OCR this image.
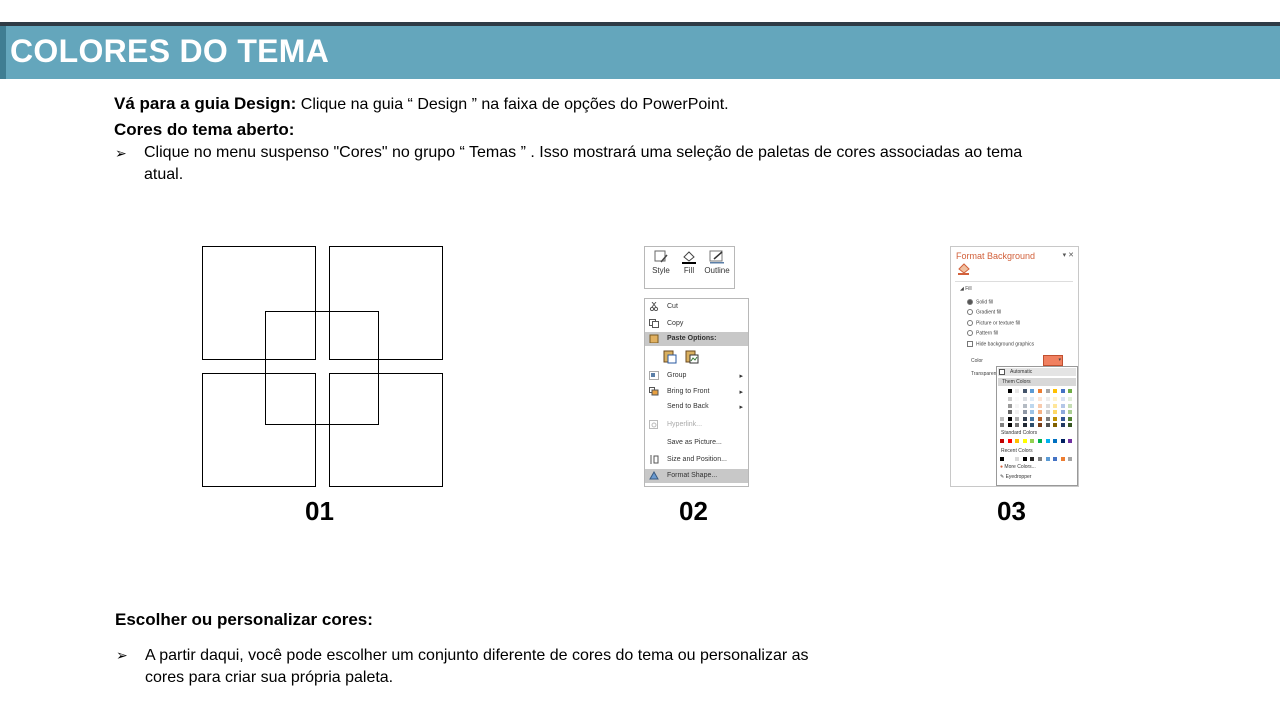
COLORES DO TEMA
Vá para a guia Design: Clique na guia “ Design ” na faixa de opções do PowerPoint.
Cores do tema aberto:
➢ Clique no menu suspenso "Cores" no grupo “ Temas ” . Isso mostrará uma seleção de paletas de cores associadas ao tema
atual.
01
Style	Fill	Outline
Cut
Copy
Paste Options:
Group	▸
Bring to Front	▸
Send to Back	▸
Hyperlink...
Save as Picture...
Size and Position...
Format Shape...
02
Format Background	▾ ✕
◢ Fill
Solid fill
Gradient fill
Picture or texture fill
Pattern fill
Hide background graphics
Color	▾
Transparen	Automatic
Them Colors
Standard Colors
Recent Colors
● More Colors...
✎ Eyedropper
03
Escolher ou personalizar cores:
➢ A partir daqui, você pode escolher um conjunto diferente de cores do tema ou personalizar as
cores para criar sua própria paleta.
